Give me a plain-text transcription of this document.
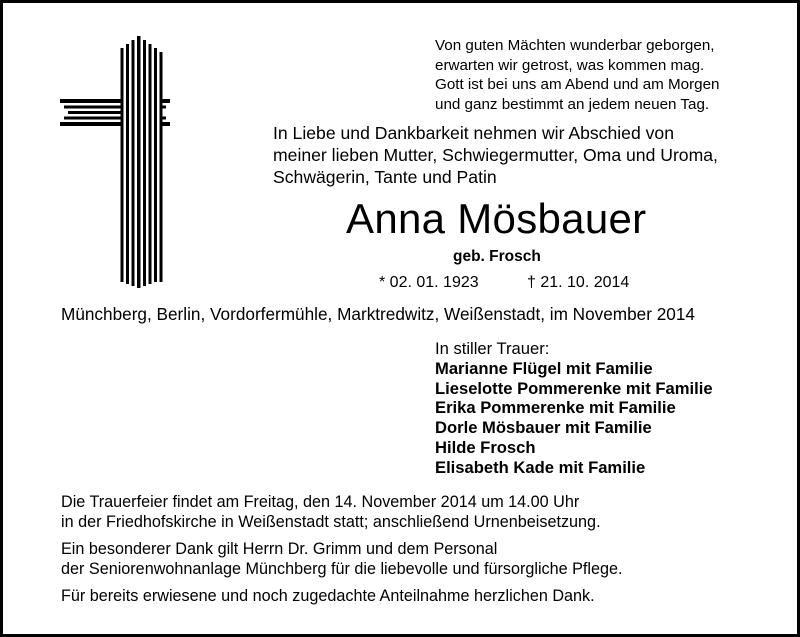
Von guten Mächten wunderbar geborgen,
erwarten wir getrost, was kommen mag.
Gott ist bei uns am Abend und am Morgen
und ganz bestimmt an jedem neuen Tag.
In Liebe und Dankbarkeit nehmen wir Abschied von
meiner lieben Mutter, Schwiegermutter, Oma und Uroma,
Schwägerin, Tante und Patin
Anna Mösbauer
geb. Frosch
* 02. 01. 1923	† 21. 10. 2014
Münchberg, Berlin, Vordorfermühle, Marktredwitz, Weißenstadt, im November 2014
In stiller Trauer:
Marianne Flügel mit Familie
Lieselotte Pommerenke mit Familie
Erika Pommerenke mit Familie
Dorle Mösbauer mit Familie
Hilde Frosch
Elisabeth Kade mit Familie
Die Trauerfeier findet am Freitag, den 14. November 2014 um 14.00 Uhr
in der Friedhofskirche in Weißenstadt statt; anschließend Urnenbeisetzung.
Ein besonderer Dank gilt Herrn Dr. Grimm und dem Personal
der Seniorenwohnanlage Münchberg für die liebevolle und fürsorgliche Pflege.
Für bereits erwiesene und noch zugedachte Anteilnahme herzlichen Dank.
